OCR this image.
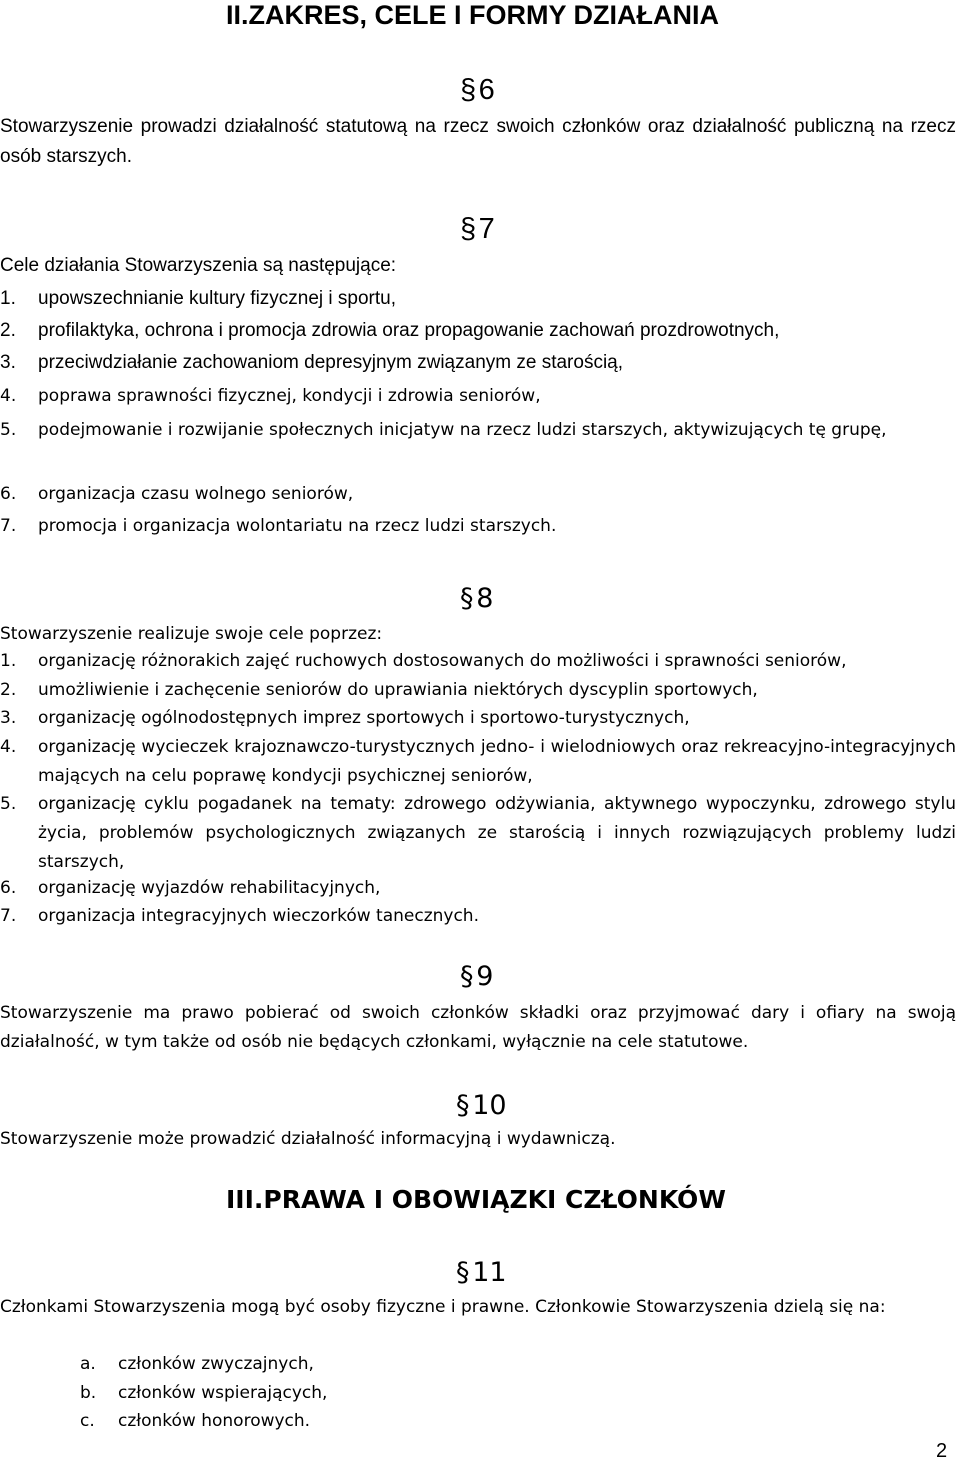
II.ZAKRES, CELE I FORMY DZIAŁANIA
§ 6
Stowarzyszenie prowadzi działalność statutową na rzecz swoich członków oraz działalność publiczną na rzecz osób starszych.
§ 7
Cele działania Stowarzyszenia są następujące:
1. upowszechnianie kultury fizycznej i sportu,
2. profilaktyka, ochrona i promocja zdrowia oraz propagowanie zachowań prozdrowotnych,
3. przeciwdziałanie zachowaniom depresyjnym związanym ze starością,
4. poprawa sprawności fizycznej, kondycji i zdrowia seniorów,
5. podejmowanie i rozwijanie społecznych inicjatyw na rzecz ludzi starszych, aktywizujących tę grupę,
6. organizacja czasu wolnego seniorów,
7. promocja i organizacja wolontariatu na rzecz ludzi starszych.
§ 8
Stowarzyszenie realizuje swoje cele poprzez:
1. organizację różnorakich zajęć ruchowych dostosowanych do możliwości i sprawności seniorów,
2. umożliwienie i zachęcenie seniorów do uprawiania niektórych dyscyplin sportowych,
3. organizację ogólnodostępnych imprez sportowych i sportowo-turystycznych,
4. organizację wycieczek krajoznawczo-turystycznych jedno- i wielodniowych oraz rekreacyjno-integracyjnych mających na celu poprawę kondycji psychicznej seniorów,
5. organizację cyklu pogadanek na tematy: zdrowego odżywiania, aktywnego wypoczynku, zdrowego stylu życia, problemów psychologicznych związanych ze starością i innych rozwiązujących problemy ludzi starszych,
6. organizację wyjazdów rehabilitacyjnych,
7. organizacja integracyjnych wieczorków tanecznych.
§ 9
Stowarzyszenie ma prawo pobierać od swoich członków składki oraz przyjmować dary i ofiary na swoją działalność, w tym także od osób nie będących członkami, wyłącznie na cele statutowe.
§ 10
Stowarzyszenie może prowadzić działalność informacyjną i wydawniczą.
III.PRAWA I OBOWIĄZKI CZŁONKÓW
§ 11
Członkami Stowarzyszenia mogą być osoby fizyczne i prawne. Członkowie Stowarzyszenia dzielą się na:
a. członków zwyczajnych,
b. członków wspierających,
c. członków honorowych.
2
